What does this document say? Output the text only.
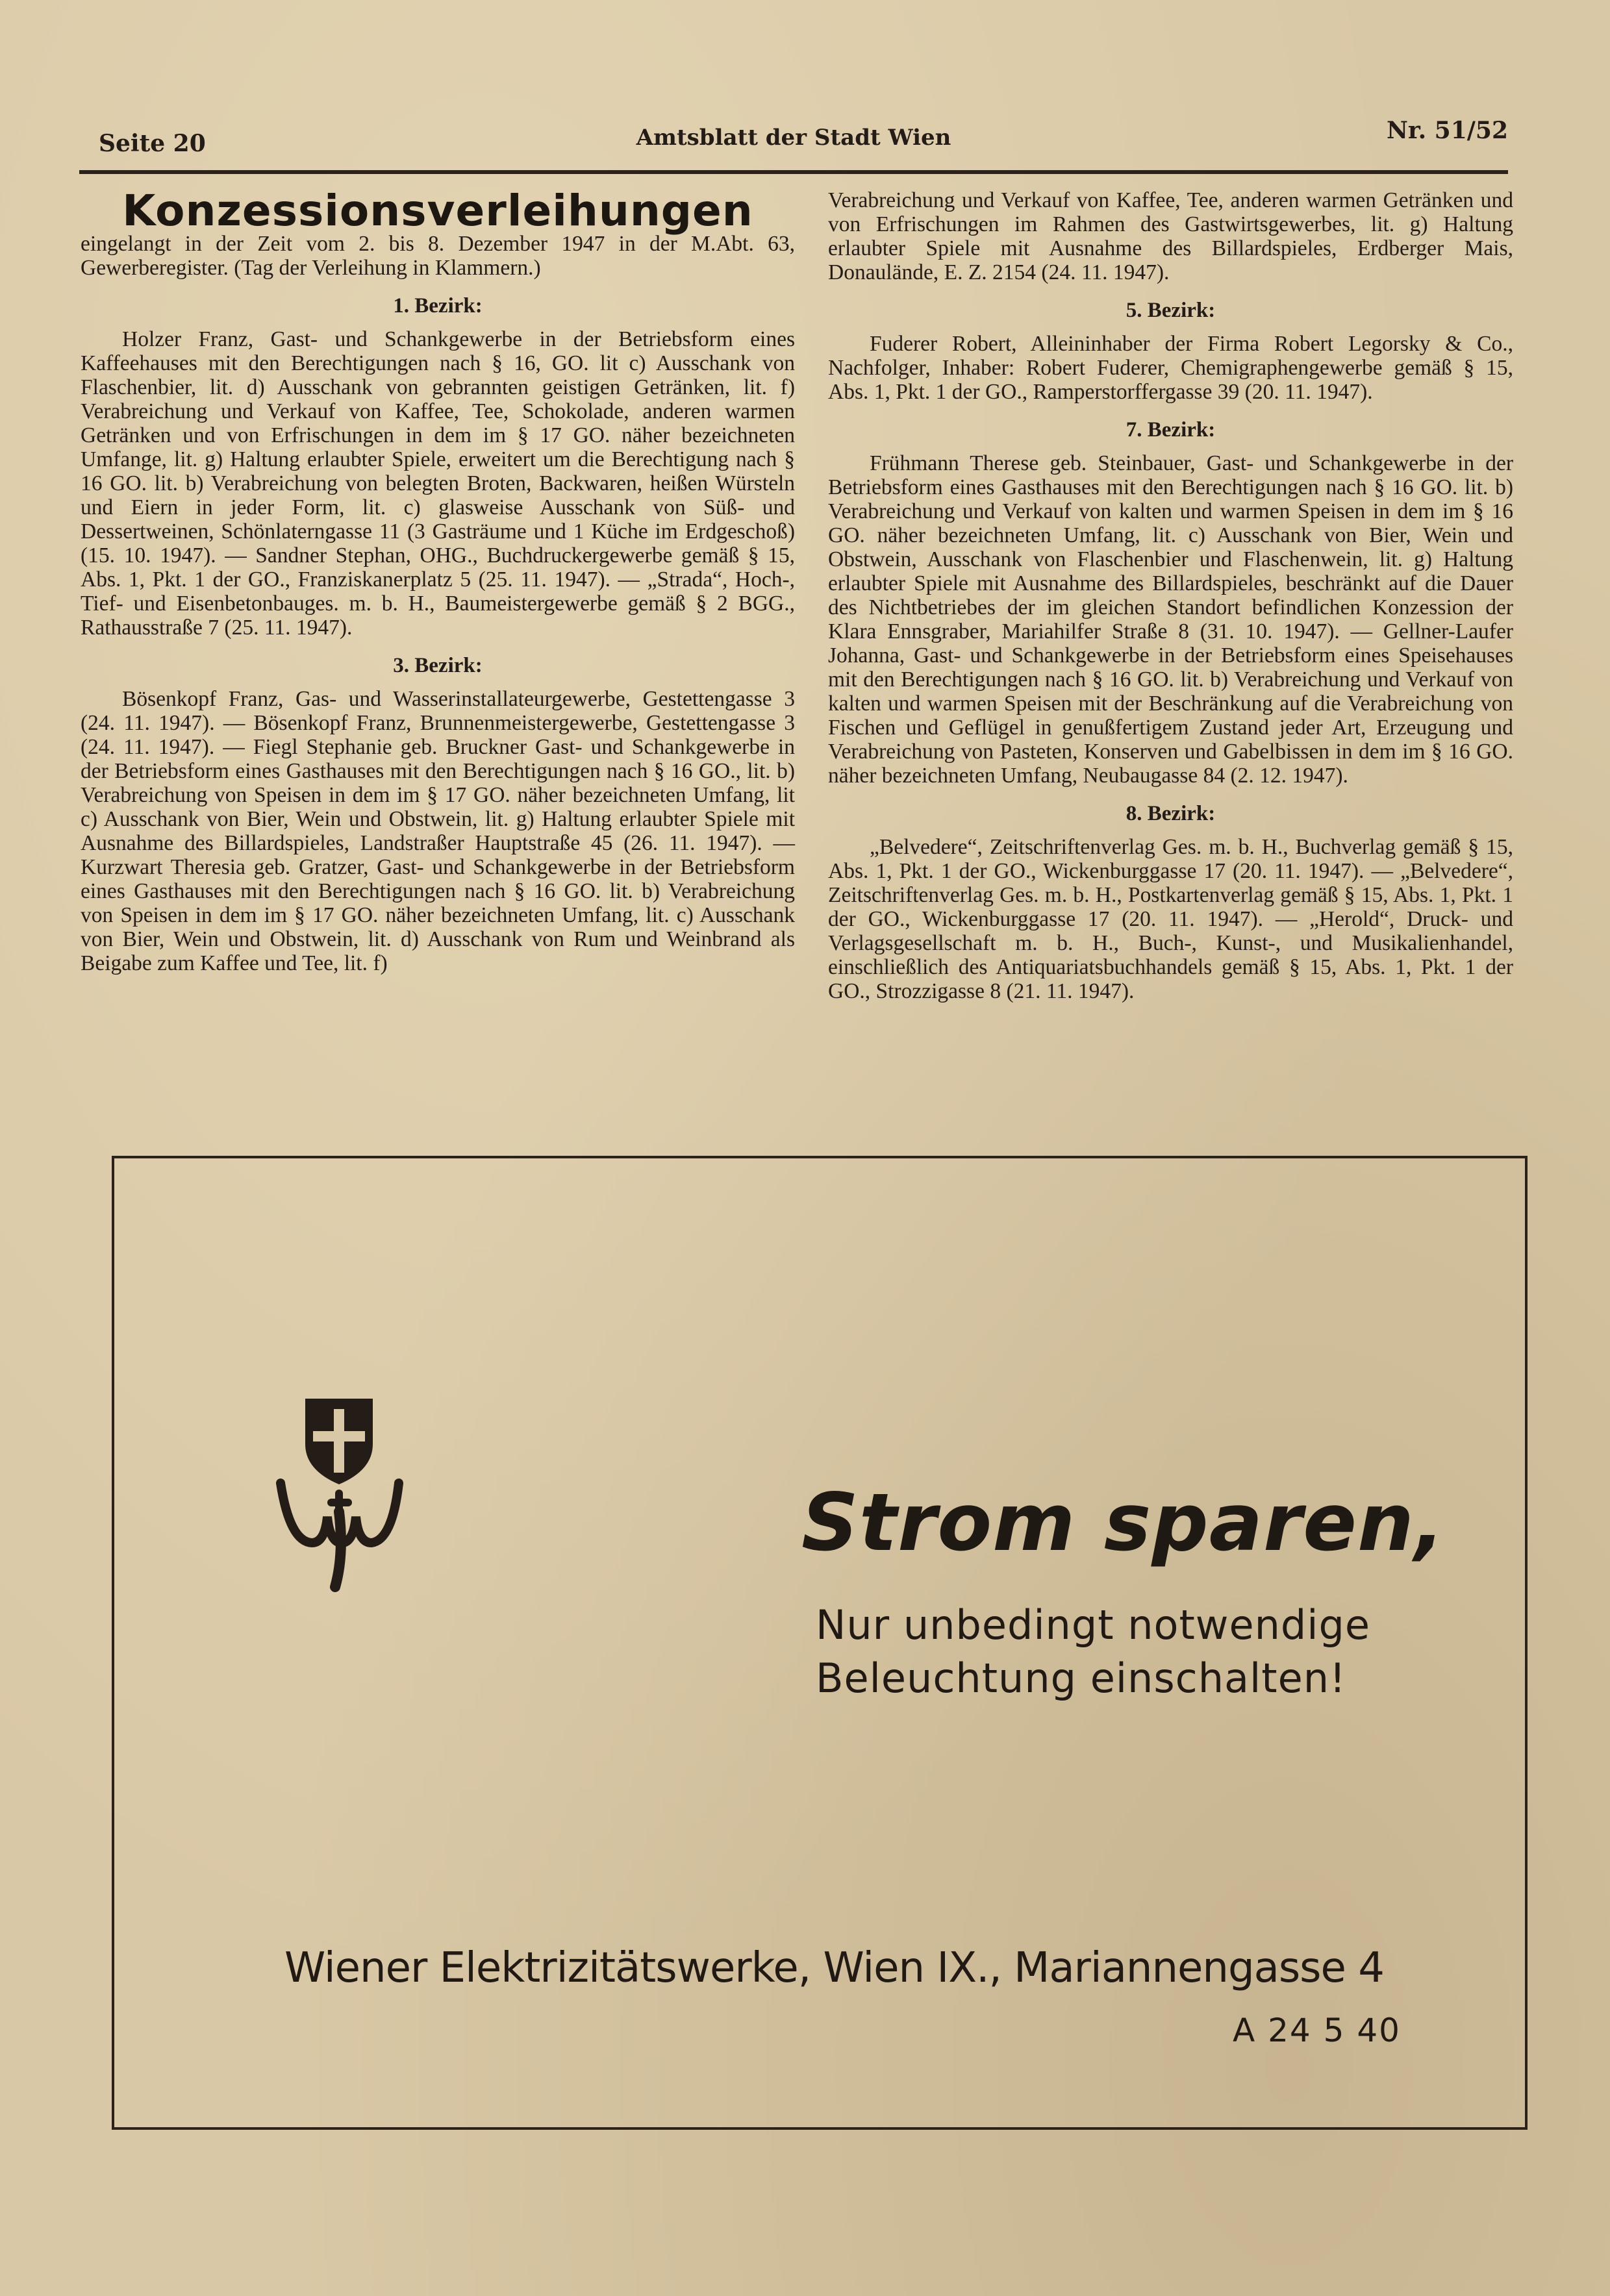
Seite 20	Amtsblatt der Stadt Wien	Nr. 51/52
Konzessionsverleihungen

eingelangt in der Zeit vom 2. bis 8. Dezember 1947 in der M.Abt. 63, Gewerberegister. (Tag der Verleihung in Klammern.)

1. Bezirk:

Holzer Franz, Gast- und Schankgewerbe in der Betriebsform eines Kaffeehauses mit den Berechtigungen nach § 16, GO. lit c) Ausschank von Flaschenbier, lit. d) Ausschank von gebrannten geistigen Getränken, lit. f) Verabreichung und Verkauf von Kaffee, Tee, Schokolade, anderen warmen Getränken und von Erfrischungen in dem im § 17 GO. näher bezeichneten Umfange, lit. g) Haltung erlaubter Spiele, erweitert um die Berechtigung nach § 16 GO. lit. b) Verabreichung von belegten Broten, Backwaren, heißen Würsteln und Eiern in jeder Form, lit. c) glasweise Ausschank von Süß- und Dessertweinen, Schönlaterngasse 11 (3 Gasträume und 1 Küche im Erdgeschoß) (15. 10. 1947). — Sandner Stephan, OHG., Buchdruckergewerbe gemäß § 15, Abs. 1, Pkt. 1 der GO., Franziskanerplatz 5 (25. 11. 1947). — „Strada“, Hoch-, Tief- und Eisenbetonbauges. m. b. H., Baumeistergewerbe gemäß § 2 BGG., Rathausstraße 7 (25. 11. 1947).

3. Bezirk:

Bösenkopf Franz, Gas- und Wasserinstallateurgewerbe, Gestettengasse 3 (24. 11. 1947). — Bösenkopf Franz, Brunnenmeistergewerbe, Gestettengasse 3 (24. 11. 1947). — Fiegl Stephanie geb. Bruckner Gast- und Schankgewerbe in der Betriebsform eines Gasthauses mit den Berechtigungen nach § 16 GO., lit. b) Verabreichung von Speisen in dem im § 17 GO. näher bezeichneten Umfang, lit c) Ausschank von Bier, Wein und Obstwein, lit. g) Haltung erlaubter Spiele mit Ausnahme des Billardspieles, Landstraßer Hauptstraße 45 (26. 11. 1947). — Kurzwart Theresia geb. Gratzer, Gast- und Schankgewerbe in der Betriebsform eines Gasthauses mit den Berechtigungen nach § 16 GO. lit. b) Verabreichung von Speisen in dem im § 17 GO. näher bezeichneten Umfang, lit. c) Ausschank von Bier, Wein und Obstwein, lit. d) Ausschank von Rum und Weinbrand als Beigabe zum Kaffee und Tee, lit. f)

Verabreichung und Verkauf von Kaffee, Tee, anderen warmen Getränken und von Erfrischungen im Rahmen des Gastwirtsgewerbes, lit. g) Haltung erlaubter Spiele mit Ausnahme des Billardspieles, Erdberger Mais, Donaulände, E. Z. 2154 (24. 11. 1947).

5. Bezirk:

Fuderer Robert, Alleininhaber der Firma Robert Legorsky & Co., Nachfolger, Inhaber: Robert Fuderer, Chemigraphengewerbe gemäß § 15, Abs. 1, Pkt. 1 der GO., Ramperstorffergasse 39 (20. 11. 1947).

7. Bezirk:

Frühmann Therese geb. Steinbauer, Gast- und Schankgewerbe in der Betriebsform eines Gasthauses mit den Berechtigungen nach § 16 GO. lit. b) Verabreichung und Verkauf von kalten und warmen Speisen in dem im § 16 GO. näher bezeichneten Umfang, lit. c) Ausschank von Bier, Wein und Obstwein, Ausschank von Flaschenbier und Flaschenwein, lit. g) Haltung erlaubter Spiele mit Ausnahme des Billardspieles, beschränkt auf die Dauer des Nichtbetriebes der im gleichen Standort befindlichen Konzession der Klara Ennsgraber, Mariahilfer Straße 8 (31. 10. 1947). — Gellner-Laufer Johanna, Gast- und Schankgewerbe in der Betriebsform eines Speisehauses mit den Berechtigungen nach § 16 GO. lit. b) Verabreichung und Verkauf von kalten und warmen Speisen mit der Beschränkung auf die Verabreichung von Fischen und Geflügel in genußfertigem Zustand jeder Art, Erzeugung und Verabreichung von Pasteten, Konserven und Gabelbissen in dem im § 16 GO. näher bezeichneten Umfang, Neubaugasse 84 (2. 12. 1947).

8. Bezirk:

„Belvedere“, Zeitschriftenverlag Ges. m. b. H., Buchverlag gemäß § 15, Abs. 1, Pkt. 1 der GO., Wickenburggasse 17 (20. 11. 1947). — „Belvedere“, Zeitschriftenverlag Ges. m. b. H., Postkartenverlag gemäß § 15, Abs. 1, Pkt. 1 der GO., Wickenburggasse 17 (20. 11. 1947). — „Herold“, Druck- und Verlagsgesellschaft m. b. H., Buch-, Kunst-, und Musikalienhandel, einschließlich des Antiquariatsbuchhandels gemäß § 15, Abs. 1, Pkt. 1 der GO., Strozzigasse 8 (21. 11. 1947).

Strom sparen,
Nur unbedingt notwendige
Beleuchtung einschalten!
Wiener Elektrizitätswerke, Wien IX., Mariannengasse 4
A 24 5 40
